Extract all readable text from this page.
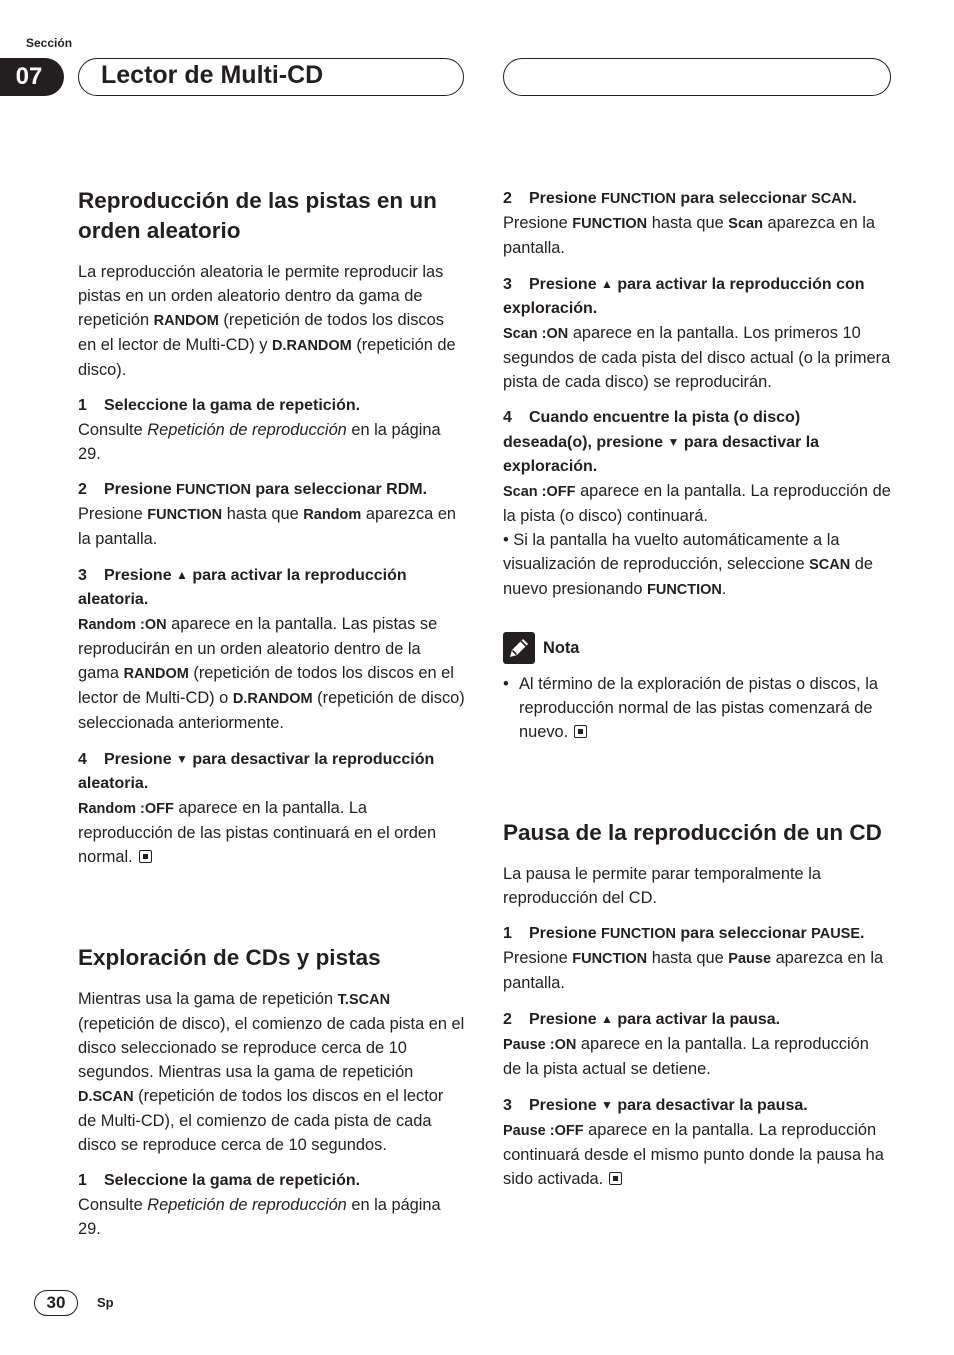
Sección
07	Lector de Multi-CD
Reproducción de las pistas en un orden aleatorio

La reproducción aleatoria le permite reproducir las pistas en un orden aleatorio dentro da gama de repetición RANDOM (repetición de todos los discos en el lector de Multi-CD) y D.RANDOM (repetición de disco).

1 Seleccione la gama de repetición.

Consulte Repetición de reproducción en la página 29.

2 Presione FUNCTION para seleccionar RDM.

Presione FUNCTION hasta que Random aparezca en la pantalla.

3 Presione ▲ para activar la reproducción aleatoria.

Random :ON aparece en la pantalla. Las pistas se reproducirán en un orden aleatorio dentro de la gama RANDOM (repetición de todos los discos en el lector de Multi-CD) o D.RANDOM (repetición de disco) seleccionada anteriormente.

4 Presione ▼ para desactivar la reproducción aleatoria.

Random :OFF aparece en la pantalla. La reproducción de las pistas continuará en el orden normal.

Exploración de CDs y pistas

Mientras usa la gama de repetición T.SCAN (repetición de disco), el comienzo de cada pista en el disco seleccionado se reproduce cerca de 10 segundos. Mientras usa la gama de repetición D.SCAN (repetición de todos los discos en el lector de Multi-CD), el comienzo de cada pista de cada disco se reproduce cerca de 10 segundos.

1 Seleccione la gama de repetición.

Consulte Repetición de reproducción en la página 29.

2 Presione FUNCTION para seleccionar SCAN.

Presione FUNCTION hasta que Scan aparezca en la pantalla.

3 Presione ▲ para activar la reproducción con exploración.

Scan :ON aparece en la pantalla. Los primeros 10 segundos de cada pista del disco actual (o la primera pista de cada disco) se reproducirán.

4 Cuando encuentre la pista (o disco) deseada(o), presione ▼ para desactivar la exploración.

Scan :OFF aparece en la pantalla. La reproducción de la pista (o disco) continuará.

• Si la pantalla ha vuelto automáticamente a la visualización de reproducción, seleccione SCAN de nuevo presionando FUNCTION.

Nota
• Al término de la exploración de pistas o discos, la reproducción normal de las pistas comenzará de nuevo.
Pausa de la reproducción de un CD

La pausa le permite parar temporalmente la reproducción del CD.

1 Presione FUNCTION para seleccionar PAUSE.

Presione FUNCTION hasta que Pause aparezca en la pantalla.

2 Presione ▲ para activar la pausa.

Pause :ON aparece en la pantalla. La reproducción de la pista actual se detiene.

3 Presione ▼ para desactivar la pausa.

Pause :OFF aparece en la pantalla. La reproducción continuará desde el mismo punto donde la pausa ha sido activada.

30	Sp
